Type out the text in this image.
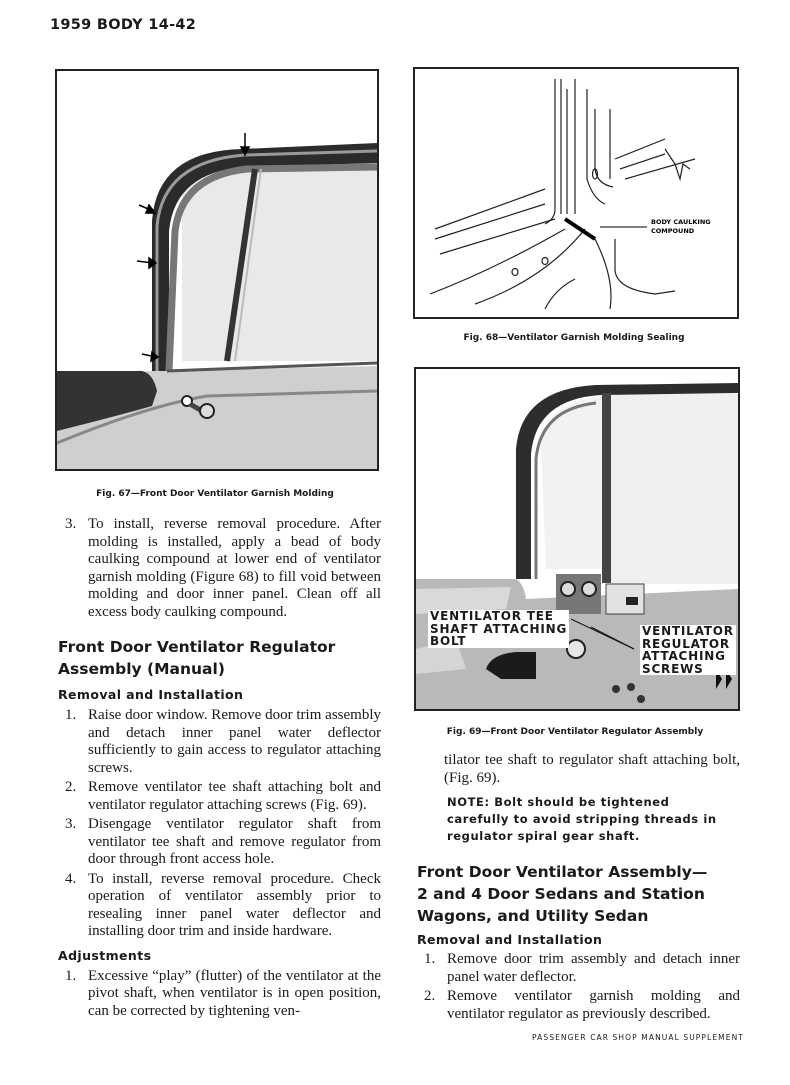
1959 BODY 14-42
Fig. 67—Front Door Ventilator Garnish Molding
BODY CAULKING
COMPOUND
Fig. 68—Ventilator Garnish Molding Sealing
VENTILATOR TEE
SHAFT ATTACHING
BOLT
VENTILATOR
REGULATOR
ATTACHING
SCREWS
Fig. 69—Front Door Ventilator Regulator Assembly
3. To install, reverse removal procedure. After molding is installed, apply a bead of body caulking compound at lower end of ventilator garnish molding (Figure 68) to fill void between molding and door inner panel. Clean off all excess body caulking compound.
Front Door Ventilator Regulator Assembly (Manual)
Removal and Installation
1. Raise door window. Remove door trim assembly and detach inner panel water deflector sufficiently to gain access to regulator attaching screws.
2. Remove ventilator tee shaft attaching bolt and ventilator regulator attaching screws (Fig. 69).
3. Disengage ventilator regulator shaft from ventilator tee shaft and remove regulator from door through front access hole.
4. To install, reverse removal procedure. Check operation of ventilator assembly prior to resealing inner panel water deflector and installing door trim and inside hardware.
Adjustments
1. Excessive “play” (flutter) of the ventilator at the pivot shaft, when ventilator is in open position, can be corrected by tightening ven-
tilator tee shaft to regulator shaft attaching bolt, (Fig. 69).
NOTE: Bolt should be tightened carefully to avoid stripping threads in regulator spiral gear shaft.
Front Door Ventilator Assembly—2 and 4 Door Sedans and Station Wagons, and Utility Sedan
Removal and Installation
1. Remove door trim assembly and detach inner panel water deflector.
2. Remove ventilator garnish molding and ventilator regulator as previously described.
PASSENGER CAR SHOP MANUAL SUPPLEMENT
